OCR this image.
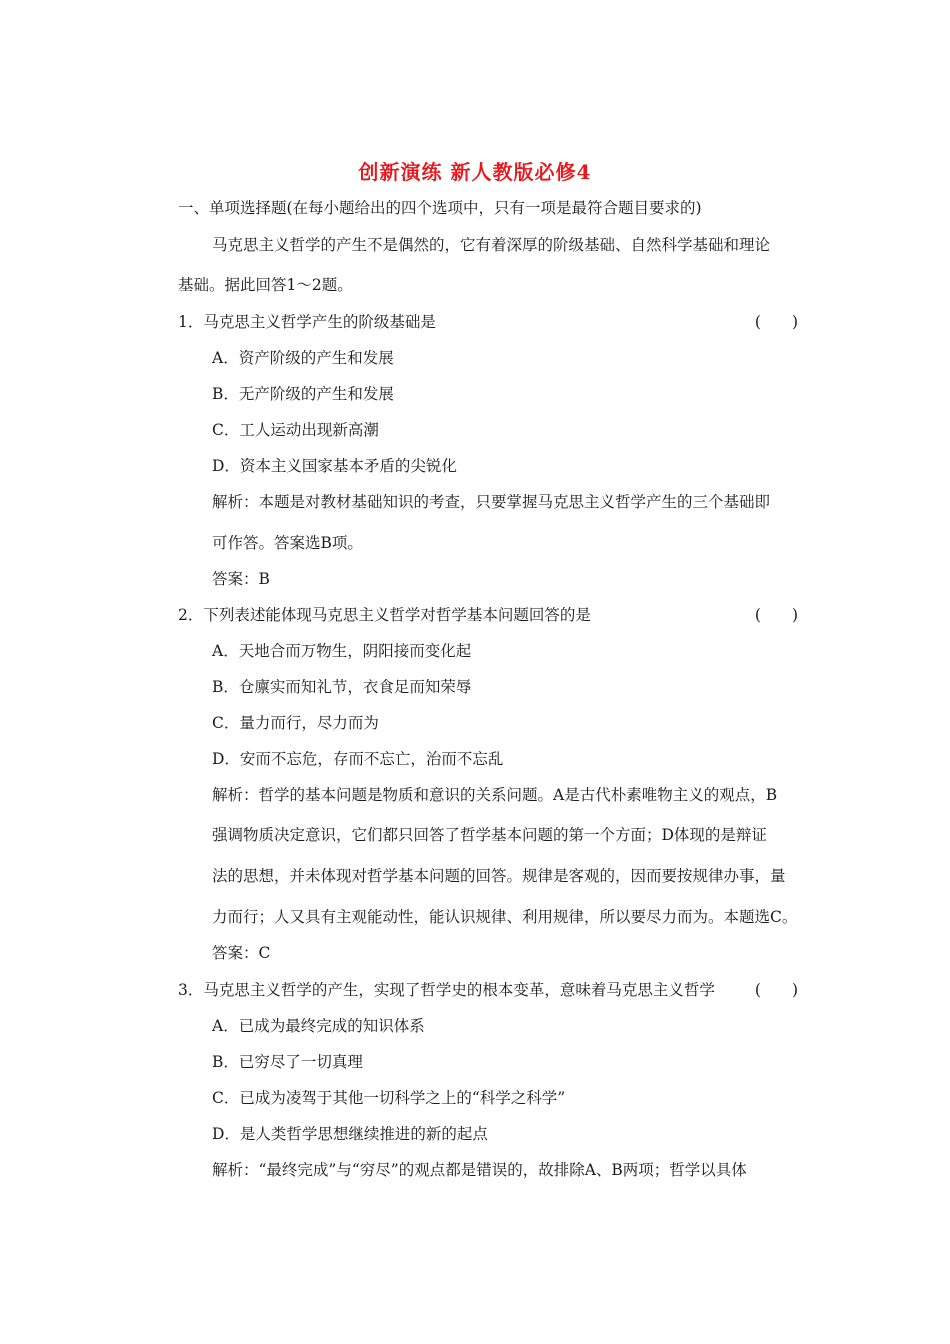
创新演练 新人教版必修4
一、单项选择题(在每小题给出的四个选项中，只有一项是最符合题目要求的)
马克思主义哲学的产生不是偶然的，它有着深厚的阶级基础、自然科学基础和理论
基础。据此回答1～2题。
1．马克思主义哲学产生的阶级基础是	(　　)
A．资产阶级的产生和发展
B．无产阶级的产生和发展
C．工人运动出现新高潮
D．资本主义国家基本矛盾的尖锐化
解析：本题是对教材基础知识的考查，只要掌握马克思主义哲学产生的三个基础即
可作答。答案选B项。
答案：B
2．下列表述能体现马克思主义哲学对哲学基本问题回答的是	(　　)
A．天地合而万物生，阴阳接而变化起
B．仓廪实而知礼节，衣食足而知荣辱
C．量力而行，尽力而为
D．安而不忘危，存而不忘亡，治而不忘乱
解析：哲学的基本问题是物质和意识的关系问题。A是古代朴素唯物主义的观点，B
强调物质决定意识，它们都只回答了哲学基本问题的第一个方面；D体现的是辩证
法的思想，并未体现对哲学基本问题的回答。规律是客观的，因而要按规律办事，量
力而行；人又具有主观能动性，能认识规律、利用规律，所以要尽力而为。本题选C。
答案：C
3．马克思主义哲学的产生，实现了哲学史的根本变革，意味着马克思主义哲学	(　　)
A．已成为最终完成的知识体系
B．已穷尽了一切真理
C．已成为凌驾于其他一切科学之上的“科学之科学”
D．是人类哲学思想继续推进的新的起点
解析：“最终完成”与“穷尽”的观点都是错误的，故排除A、B两项；哲学以具体
